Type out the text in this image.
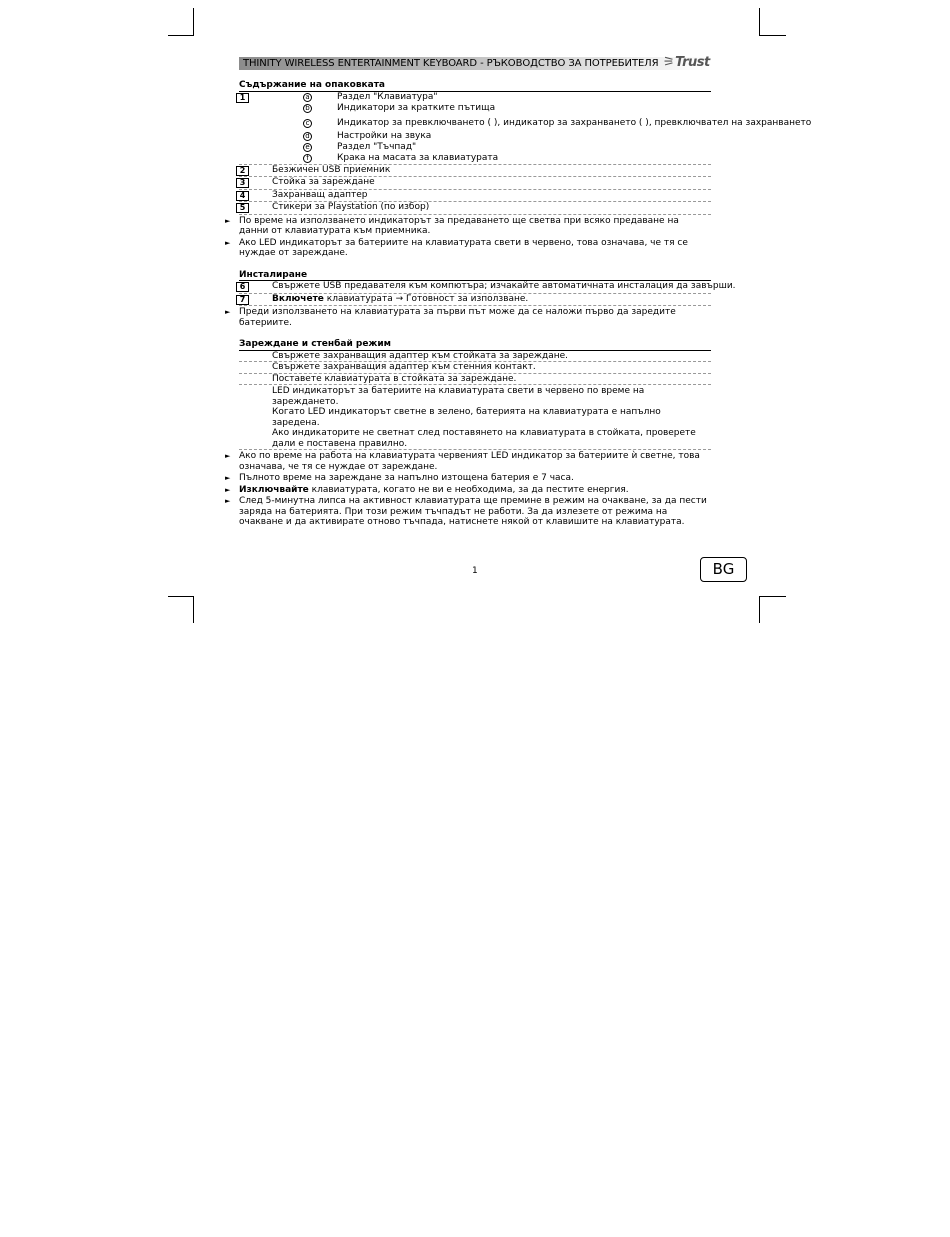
THINITY WIRELESS ENTERTAINMENT KEYBOARD - РЪКОВОДСТВО ЗА ПОТРЕБИТЕЛЯ ⚞Trust
Съдържание на опаковката
1	a	Раздел "Клавиатура"
b	Индикатори за кратките пътища
c	Индикатор за превключването ( ), индикатор за захранването ( ), превключвател на захранването
d	Настройки на звука
e	Раздел "Тъчпад"
f	Крака на масата за клавиатурата
2	Безжичен USB приемник
3	Стойка за зареждане
4	Захранващ адаптер
5	Стикери за Playstation (по избор)
► По време на използването индикаторът за предаването ще светва при всяко предаване на данни от клавиатурата към приемника.
► Ако LED индикаторът за батериите на клавиатурата свети в червено, това означава, че тя се нуждае от зареждане.
Инсталиране
6	Свържете USB предавателя към компютъра; изчакайте автоматичната инсталация да завърши.
7	Включете клавиатурата → Готовност за използване.
► Преди използването на клавиатурата за първи път може да се наложи първо да заредите батериите.
Зареждане и стенбай режим
Свържете захранващия адаптер към стойката за зареждане.
Свържете захранващия адаптер към стенния контакт.
Поставете клавиатурата в стойката за зареждане.
LED индикаторът за батериите на клавиатурата свети в червено по време на зареждането.
Когато LED индикаторът светне в зелено, батерията на клавиатурата е напълно заредена.
Ако индикаторите не светнат след поставянето на клавиатурата в стойката, проверете дали е поставена правилно.
► Ако по време на работа на клавиатурата червеният LED индикатор за батериите ѝ светне, това означава, че тя се нуждае от зареждане.
► Пълното време на зареждане за напълно изтощена батерия е 7 часа.
► Изключвайте клавиатурата, когато не ви е необходима, за да пестите енергия.
► След 5-минутна липса на активност клавиатурата ще премине в режим на очакване, за да пести заряда на батерията. При този режим тъчпадът не работи. За да излезете от режима на очакване и да активирате отново тъчпада, натиснете някой от клавишите на клавиатурата.
1	BG
